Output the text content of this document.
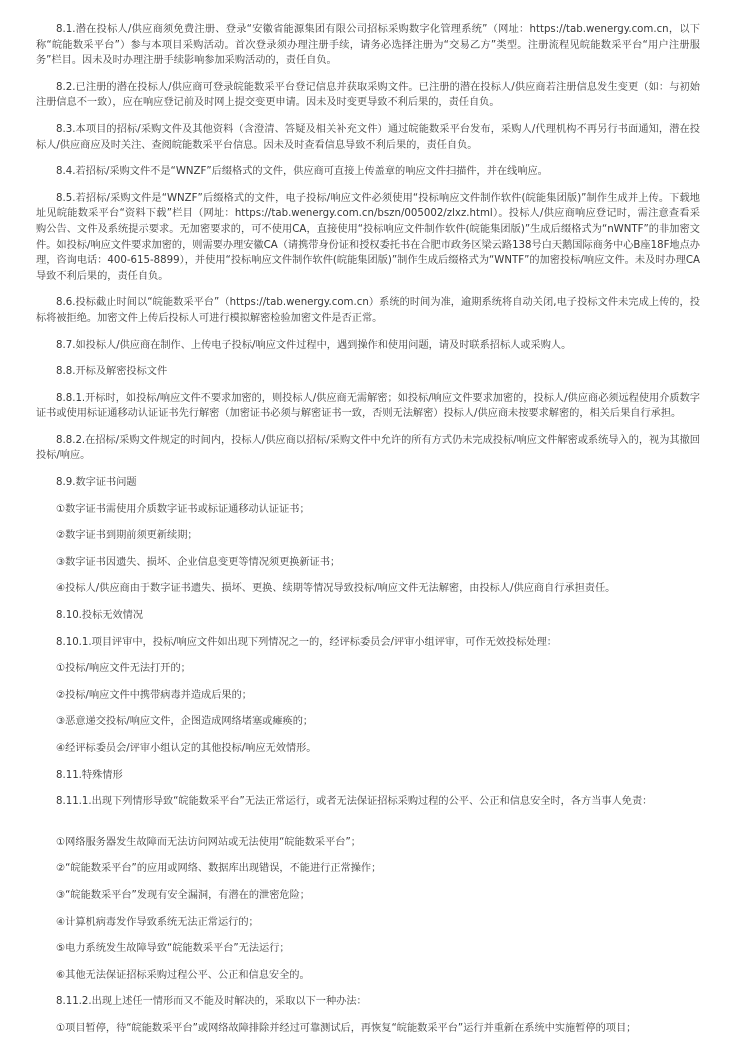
8.1.潜在投标人/供应商须免费注册、登录“安徽省能源集团有限公司招标采购数字化管理系统”（网址：https://tab.wenergy.com.cn，以下称“皖能数采平台”）参与本项目采购活动。首次登录须办理注册手续，请务必选择注册为“交易乙方”类型。注册流程见皖能数采平台“用户注册服务”栏目。因未及时办理注册手续影响参加采购活动的，责任自负。

8.2.已注册的潜在投标人/供应商可登录皖能数采平台登记信息并获取采购文件。已注册的潜在投标人/供应商若注册信息发生变更（如：与初始注册信息不一致），应在响应登记前及时网上提交变更申请。因未及时变更导致不利后果的，责任自负。

8.3.本项目的招标/采购文件及其他资料（含澄清、答疑及相关补充文件）通过皖能数采平台发布，采购人/代理机构不再另行书面通知，潜在投标人/供应商应及时关注、查阅皖能数采平台信息。因未及时查看信息导致不利后果的，责任自负。

8.4.若招标/采购文件不是“WNZF”后缀格式的文件，供应商可直接上传盖章的响应文件扫描件，并在线响应。

8.5.若招标/采购文件是“WNZF”后缀格式的文件，电子投标/响应文件必须使用“投标响应文件制作软件(皖能集团版)”制作生成并上传。下载地址见皖能数采平台“资料下载”栏目（网址：https://tab.wenergy.com.cn/bszn/005002/zlxz.html）。投标人/供应商响应登记时，需注意查看采购公告、文件及系统提示要求。无加密要求的，可不使用CA，直接使用“投标响应文件制作软件(皖能集团版)”生成后缀格式为“nWNTF”的非加密文件。如投标/响应文件要求加密的，则需要办理安徽CA（请携带身份证和授权委托书在合肥市政务区梁云路138号白天鹅国际商务中心B座18F地点办理，咨询电话：400-615-8899），并使用“投标响应文件制作软件(皖能集团版)”制作生成后缀格式为“WNTF”的加密投标/响应文件。未及时办理CA导致不利后果的，责任自负。

8.6.投标截止时间以“皖能数采平台”（https://tab.wenergy.com.cn）系统的时间为准，逾期系统将自动关闭,电子投标文件未完成上传的，投标将被拒绝。加密文件上传后投标人可进行模拟解密检验加密文件是否正常。

8.7.如投标人/供应商在制作、上传电子投标/响应文件过程中，遇到操作和使用问题，请及时联系招标人或采购人。

8.8.开标及解密投标文件

8.8.1.开标时，如投标/响应文件不要求加密的，则投标人/供应商无需解密；如投标/响应文件要求加密的，投标人/供应商必须远程使用介质数字证书或使用标证通移动认证证书先行解密（加密证书必须与解密证书一致，否则无法解密）投标人/供应商未按要求解密的，相关后果自行承担。

8.8.2.在招标/采购文件规定的时间内，投标人/供应商以招标/采购文件中允许的所有方式仍未完成投标/响应文件解密或系统导入的，视为其撤回投标/响应。

8.9.数字证书问题

①数字证书需使用介质数字证书或标证通移动认证证书；

②数字证书到期前须更新续期；

③数字证书因遗失、损坏、企业信息变更等情况须更换新证书；

④投标人/供应商由于数字证书遗失、损坏、更换、续期等情况导致投标/响应文件无法解密，由投标人/供应商自行承担责任。

8.10.投标无效情况

8.10.1.项目评审中，投标/响应文件如出现下列情况之一的，经评标委员会/评审小组评审，可作无效投标处理：

①投标/响应文件无法打开的；

②投标/响应文件中携带病毒并造成后果的；

③恶意递交投标/响应文件，企图造成网络堵塞或瘫痪的；

④经评标委员会/评审小组认定的其他投标/响应无效情形。

8.11.特殊情形

8.11.1.出现下列情形导致“皖能数采平台”无法正常运行，或者无法保证招标采购过程的公平、公正和信息安全时，各方当事人免责：

①网络服务器发生故障而无法访问网站或无法使用“皖能数采平台”；

②“皖能数采平台”的应用或网络、数据库出现错误，不能进行正常操作；

③“皖能数采平台”发现有安全漏洞，有潜在的泄密危险；

④计算机病毒发作导致系统无法正常运行的；

⑤电力系统发生故障导致“皖能数采平台”无法运行；

⑥其他无法保证招标采购过程公平、公正和信息安全的。

8.11.2.出现上述任一情形而又不能及时解决的，采取以下一种办法：

①项目暂停，待“皖能数采平台”或网络故障排除并经过可靠测试后，再恢复“皖能数采平台”运行并重新在系统中实施暂停的项目；
